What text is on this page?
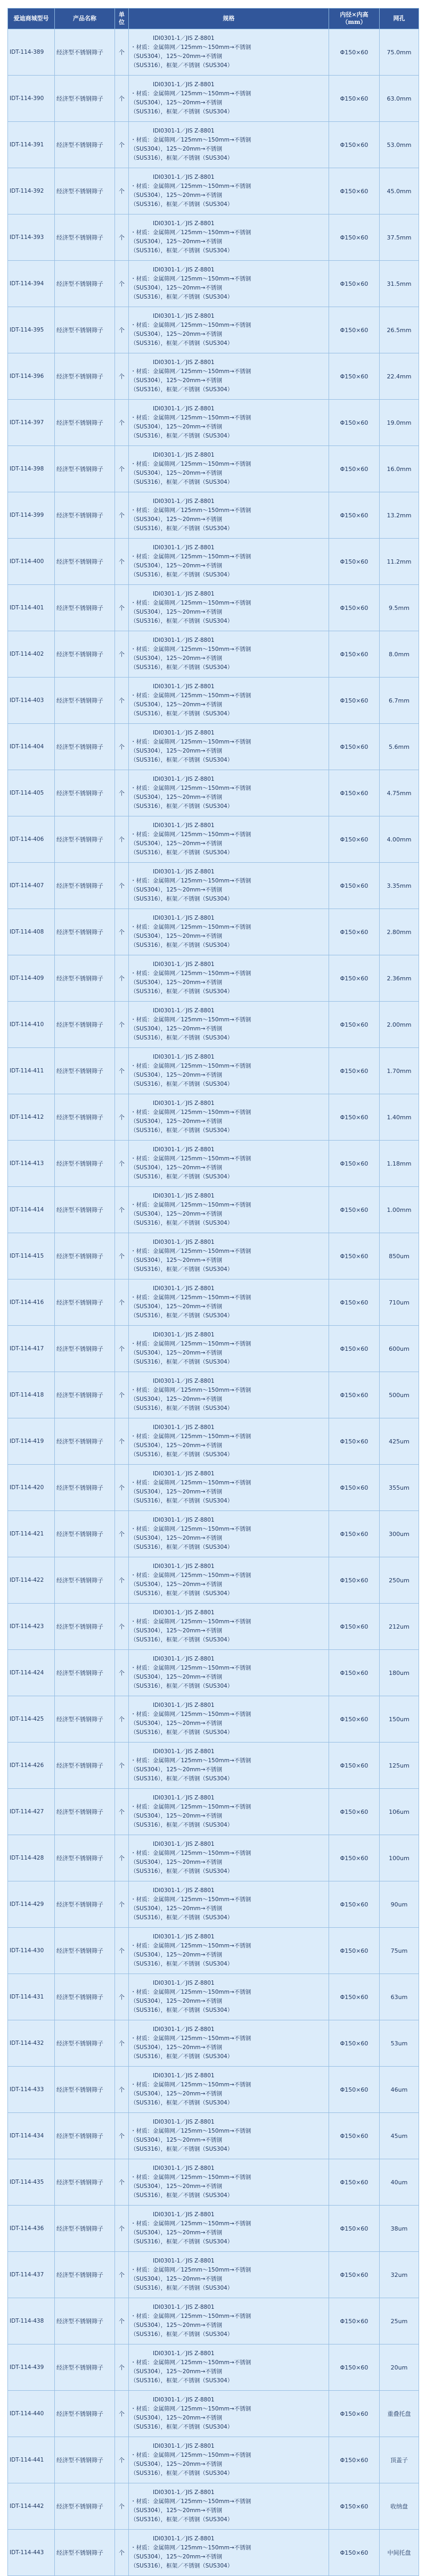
爱迪商城型号	产品名称	单位	规格	内径×内高（mm）	网孔
IDT-114-389	经济型不锈钢筛子	个	　　　　IDI0301-1／JIS Z-8801
・材质：金属筛网／125mm～150mm→不锈钢
（SUS304），125～20mm→不锈钢
（SUS316），框架／不锈钢（SUS304）	Φ150×60	75.0mm
IDT-114-390	经济型不锈钢筛子	个	　　　　IDI0301-1／JIS Z-8801
・材质：金属筛网／125mm～150mm→不锈钢
（SUS304），125～20mm→不锈钢
（SUS316），框架／不锈钢（SUS304）	Φ150×60	63.0mm
IDT-114-391	经济型不锈钢筛子	个	　　　　IDI0301-1／JIS Z-8801
・材质：金属筛网／125mm～150mm→不锈钢
（SUS304），125～20mm→不锈钢
（SUS316），框架／不锈钢（SUS304）	Φ150×60	53.0mm
IDT-114-392	经济型不锈钢筛子	个	　　　　IDI0301-1／JIS Z-8801
・材质：金属筛网／125mm～150mm→不锈钢
（SUS304），125～20mm→不锈钢
（SUS316），框架／不锈钢（SUS304）	Φ150×60	45.0mm
IDT-114-393	经济型不锈钢筛子	个	　　　　IDI0301-1／JIS Z-8801
・材质：金属筛网／125mm～150mm→不锈钢
（SUS304），125～20mm→不锈钢
（SUS316），框架／不锈钢（SUS304）	Φ150×60	37.5mm
IDT-114-394	经济型不锈钢筛子	个	　　　　IDI0301-1／JIS Z-8801
・材质：金属筛网／125mm～150mm→不锈钢
（SUS304），125～20mm→不锈钢
（SUS316），框架／不锈钢（SUS304）	Φ150×60	31.5mm
IDT-114-395	经济型不锈钢筛子	个	　　　　IDI0301-1／JIS Z-8801
・材质：金属筛网／125mm～150mm→不锈钢
（SUS304），125～20mm→不锈钢
（SUS316），框架／不锈钢（SUS304）	Φ150×60	26.5mm
IDT-114-396	经济型不锈钢筛子	个	　　　　IDI0301-1／JIS Z-8801
・材质：金属筛网／125mm～150mm→不锈钢
（SUS304），125～20mm→不锈钢
（SUS316），框架／不锈钢（SUS304）	Φ150×60	22.4mm
IDT-114-397	经济型不锈钢筛子	个	　　　　IDI0301-1／JIS Z-8801
・材质：金属筛网／125mm～150mm→不锈钢
（SUS304），125～20mm→不锈钢
（SUS316），框架／不锈钢（SUS304）	Φ150×60	19.0mm
IDT-114-398	经济型不锈钢筛子	个	　　　　IDI0301-1／JIS Z-8801
・材质：金属筛网／125mm～150mm→不锈钢
（SUS304），125～20mm→不锈钢
（SUS316），框架／不锈钢（SUS304）	Φ150×60	16.0mm
IDT-114-399	经济型不锈钢筛子	个	　　　　IDI0301-1／JIS Z-8801
・材质：金属筛网／125mm～150mm→不锈钢
（SUS304），125～20mm→不锈钢
（SUS316），框架／不锈钢（SUS304）	Φ150×60	13.2mm
IDT-114-400	经济型不锈钢筛子	个	　　　　IDI0301-1／JIS Z-8801
・材质：金属筛网／125mm～150mm→不锈钢
（SUS304），125～20mm→不锈钢
（SUS316），框架／不锈钢（SUS304）	Φ150×60	11.2mm
IDT-114-401	经济型不锈钢筛子	个	　　　　IDI0301-1／JIS Z-8801
・材质：金属筛网／125mm～150mm→不锈钢
（SUS304），125～20mm→不锈钢
（SUS316），框架／不锈钢（SUS304）	Φ150×60	9.5mm
IDT-114-402	经济型不锈钢筛子	个	　　　　IDI0301-1／JIS Z-8801
・材质：金属筛网／125mm～150mm→不锈钢
（SUS304），125～20mm→不锈钢
（SUS316），框架／不锈钢（SUS304）	Φ150×60	8.0mm
IDT-114-403	经济型不锈钢筛子	个	　　　　IDI0301-1／JIS Z-8801
・材质：金属筛网／125mm～150mm→不锈钢
（SUS304），125～20mm→不锈钢
（SUS316），框架／不锈钢（SUS304）	Φ150×60	6.7mm
IDT-114-404	经济型不锈钢筛子	个	　　　　IDI0301-1／JIS Z-8801
・材质：金属筛网／125mm～150mm→不锈钢
（SUS304），125～20mm→不锈钢
（SUS316），框架／不锈钢（SUS304）	Φ150×60	5.6mm
IDT-114-405	经济型不锈钢筛子	个	　　　　IDI0301-1／JIS Z-8801
・材质：金属筛网／125mm～150mm→不锈钢
（SUS304），125～20mm→不锈钢
（SUS316），框架／不锈钢（SUS304）	Φ150×60	4.75mm
IDT-114-406	经济型不锈钢筛子	个	　　　　IDI0301-1／JIS Z-8801
・材质：金属筛网／125mm～150mm→不锈钢
（SUS304），125～20mm→不锈钢
（SUS316），框架／不锈钢（SUS304）	Φ150×60	4.00mm
IDT-114-407	经济型不锈钢筛子	个	　　　　IDI0301-1／JIS Z-8801
・材质：金属筛网／125mm～150mm→不锈钢
（SUS304），125～20mm→不锈钢
（SUS316），框架／不锈钢（SUS304）	Φ150×60	3.35mm
IDT-114-408	经济型不锈钢筛子	个	　　　　IDI0301-1／JIS Z-8801
・材质：金属筛网／125mm～150mm→不锈钢
（SUS304），125～20mm→不锈钢
（SUS316），框架／不锈钢（SUS304）	Φ150×60	2.80mm
IDT-114-409	经济型不锈钢筛子	个	　　　　IDI0301-1／JIS Z-8801
・材质：金属筛网／125mm～150mm→不锈钢
（SUS304），125～20mm→不锈钢
（SUS316），框架／不锈钢（SUS304）	Φ150×60	2.36mm
IDT-114-410	经济型不锈钢筛子	个	　　　　IDI0301-1／JIS Z-8801
・材质：金属筛网／125mm～150mm→不锈钢
（SUS304），125～20mm→不锈钢
（SUS316），框架／不锈钢（SUS304）	Φ150×60	2.00mm
IDT-114-411	经济型不锈钢筛子	个	　　　　IDI0301-1／JIS Z-8801
・材质：金属筛网／125mm～150mm→不锈钢
（SUS304），125～20mm→不锈钢
（SUS316），框架／不锈钢（SUS304）	Φ150×60	1.70mm
IDT-114-412	经济型不锈钢筛子	个	　　　　IDI0301-1／JIS Z-8801
・材质：金属筛网／125mm～150mm→不锈钢
（SUS304），125～20mm→不锈钢
（SUS316），框架／不锈钢（SUS304）	Φ150×60	1.40mm
IDT-114-413	经济型不锈钢筛子	个	　　　　IDI0301-1／JIS Z-8801
・材质：金属筛网／125mm～150mm→不锈钢
（SUS304），125～20mm→不锈钢
（SUS316），框架／不锈钢（SUS304）	Φ150×60	1.18mm
IDT-114-414	经济型不锈钢筛子	个	　　　　IDI0301-1／JIS Z-8801
・材质：金属筛网／125mm～150mm→不锈钢
（SUS304），125～20mm→不锈钢
（SUS316），框架／不锈钢（SUS304）	Φ150×60	1.00mm
IDT-114-415	经济型不锈钢筛子	个	　　　　IDI0301-1／JIS Z-8801
・材质：金属筛网／125mm～150mm→不锈钢
（SUS304），125～20mm→不锈钢
（SUS316），框架／不锈钢（SUS304）	Φ150×60	850um
IDT-114-416	经济型不锈钢筛子	个	　　　　IDI0301-1／JIS Z-8801
・材质：金属筛网／125mm～150mm→不锈钢
（SUS304），125～20mm→不锈钢
（SUS316），框架／不锈钢（SUS304）	Φ150×60	710um
IDT-114-417	经济型不锈钢筛子	个	　　　　IDI0301-1／JIS Z-8801
・材质：金属筛网／125mm～150mm→不锈钢
（SUS304），125～20mm→不锈钢
（SUS316），框架／不锈钢（SUS304）	Φ150×60	600um
IDT-114-418	经济型不锈钢筛子	个	　　　　IDI0301-1／JIS Z-8801
・材质：金属筛网／125mm～150mm→不锈钢
（SUS304），125～20mm→不锈钢
（SUS316），框架／不锈钢（SUS304）	Φ150×60	500um
IDT-114-419	经济型不锈钢筛子	个	　　　　IDI0301-1／JIS Z-8801
・材质：金属筛网／125mm～150mm→不锈钢
（SUS304），125～20mm→不锈钢
（SUS316），框架／不锈钢（SUS304）	Φ150×60	425um
IDT-114-420	经济型不锈钢筛子	个	　　　　IDI0301-1／JIS Z-8801
・材质：金属筛网／125mm～150mm→不锈钢
（SUS304），125～20mm→不锈钢
（SUS316），框架／不锈钢（SUS304）	Φ150×60	355um
IDT-114-421	经济型不锈钢筛子	个	　　　　IDI0301-1／JIS Z-8801
・材质：金属筛网／125mm～150mm→不锈钢
（SUS304），125～20mm→不锈钢
（SUS316），框架／不锈钢（SUS304）	Φ150×60	300um
IDT-114-422	经济型不锈钢筛子	个	　　　　IDI0301-1／JIS Z-8801
・材质：金属筛网／125mm～150mm→不锈钢
（SUS304），125～20mm→不锈钢
（SUS316），框架／不锈钢（SUS304）	Φ150×60	250um
IDT-114-423	经济型不锈钢筛子	个	　　　　IDI0301-1／JIS Z-8801
・材质：金属筛网／125mm～150mm→不锈钢
（SUS304），125～20mm→不锈钢
（SUS316），框架／不锈钢（SUS304）	Φ150×60	212um
IDT-114-424	经济型不锈钢筛子	个	　　　　IDI0301-1／JIS Z-8801
・材质：金属筛网／125mm～150mm→不锈钢
（SUS304），125～20mm→不锈钢
（SUS316），框架／不锈钢（SUS304）	Φ150×60	180um
IDT-114-425	经济型不锈钢筛子	个	　　　　IDI0301-1／JIS Z-8801
・材质：金属筛网／125mm～150mm→不锈钢
（SUS304），125～20mm→不锈钢
（SUS316），框架／不锈钢（SUS304）	Φ150×60	150um
IDT-114-426	经济型不锈钢筛子	个	　　　　IDI0301-1／JIS Z-8801
・材质：金属筛网／125mm～150mm→不锈钢
（SUS304），125～20mm→不锈钢
（SUS316），框架／不锈钢（SUS304）	Φ150×60	125um
IDT-114-427	经济型不锈钢筛子	个	　　　　IDI0301-1／JIS Z-8801
・材质：金属筛网／125mm～150mm→不锈钢
（SUS304），125～20mm→不锈钢
（SUS316），框架／不锈钢（SUS304）	Φ150×60	106um
IDT-114-428	经济型不锈钢筛子	个	　　　　IDI0301-1／JIS Z-8801
・材质：金属筛网／125mm～150mm→不锈钢
（SUS304），125～20mm→不锈钢
（SUS316），框架／不锈钢（SUS304）	Φ150×60	100um
IDT-114-429	经济型不锈钢筛子	个	　　　　IDI0301-1／JIS Z-8801
・材质：金属筛网／125mm～150mm→不锈钢
（SUS304），125～20mm→不锈钢
（SUS316），框架／不锈钢（SUS304）	Φ150×60	90um
IDT-114-430	经济型不锈钢筛子	个	　　　　IDI0301-1／JIS Z-8801
・材质：金属筛网／125mm～150mm→不锈钢
（SUS304），125～20mm→不锈钢
（SUS316），框架／不锈钢（SUS304）	Φ150×60	75um
IDT-114-431	经济型不锈钢筛子	个	　　　　IDI0301-1／JIS Z-8801
・材质：金属筛网／125mm～150mm→不锈钢
（SUS304），125～20mm→不锈钢
（SUS316），框架／不锈钢（SUS304）	Φ150×60	63um
IDT-114-432	经济型不锈钢筛子	个	　　　　IDI0301-1／JIS Z-8801
・材质：金属筛网／125mm～150mm→不锈钢
（SUS304），125～20mm→不锈钢
（SUS316），框架／不锈钢（SUS304）	Φ150×60	53um
IDT-114-433	经济型不锈钢筛子	个	　　　　IDI0301-1／JIS Z-8801
・材质：金属筛网／125mm～150mm→不锈钢
（SUS304），125～20mm→不锈钢
（SUS316），框架／不锈钢（SUS304）	Φ150×60	46um
IDT-114-434	经济型不锈钢筛子	个	　　　　IDI0301-1／JIS Z-8801
・材质：金属筛网／125mm～150mm→不锈钢
（SUS304），125～20mm→不锈钢
（SUS316），框架／不锈钢（SUS304）	Φ150×60	45um
IDT-114-435	经济型不锈钢筛子	个	　　　　IDI0301-1／JIS Z-8801
・材质：金属筛网／125mm～150mm→不锈钢
（SUS304），125～20mm→不锈钢
（SUS316），框架／不锈钢（SUS304）	Φ150×60	40um
IDT-114-436	经济型不锈钢筛子	个	　　　　IDI0301-1／JIS Z-8801
・材质：金属筛网／125mm～150mm→不锈钢
（SUS304），125～20mm→不锈钢
（SUS316），框架／不锈钢（SUS304）	Φ150×60	38um
IDT-114-437	经济型不锈钢筛子	个	　　　　IDI0301-1／JIS Z-8801
・材质：金属筛网／125mm～150mm→不锈钢
（SUS304），125～20mm→不锈钢
（SUS316），框架／不锈钢（SUS304）	Φ150×60	32um
IDT-114-438	经济型不锈钢筛子	个	　　　　IDI0301-1／JIS Z-8801
・材质：金属筛网／125mm～150mm→不锈钢
（SUS304），125～20mm→不锈钢
（SUS316），框架／不锈钢（SUS304）	Φ150×60	25um
IDT-114-439	经济型不锈钢筛子	个	　　　　IDI0301-1／JIS Z-8801
・材质：金属筛网／125mm～150mm→不锈钢
（SUS304），125～20mm→不锈钢
（SUS316），框架／不锈钢（SUS304）	Φ150×60	20um
IDT-114-440	经济型不锈钢筛子	个	　　　　IDI0301-1／JIS Z-8801
・材质：金属筛网／125mm～150mm→不锈钢
（SUS304），125～20mm→不锈钢
（SUS316），框架／不锈钢（SUS304）	Φ150×60	重叠托盘
IDT-114-441	经济型不锈钢筛子	个	　　　　IDI0301-1／JIS Z-8801
・材质：金属筛网／125mm～150mm→不锈钢
（SUS304），125～20mm→不锈钢
（SUS316），框架／不锈钢（SUS304）	Φ150×60	顶盖子
IDT-114-442	经济型不锈钢筛子	个	　　　　IDI0301-1／JIS Z-8801
・材质：金属筛网／125mm～150mm→不锈钢
（SUS304），125～20mm→不锈钢
（SUS316），框架／不锈钢（SUS304）	Φ150×60	收纳盘
IDT-114-443	经济型不锈钢筛子	个	　　　　IDI0301-1／JIS Z-8801
・材质：金属筛网／125mm～150mm→不锈钢
（SUS304），125～20mm→不锈钢
（SUS316），框架／不锈钢（SUS304）	Φ150×60	中间托盘
